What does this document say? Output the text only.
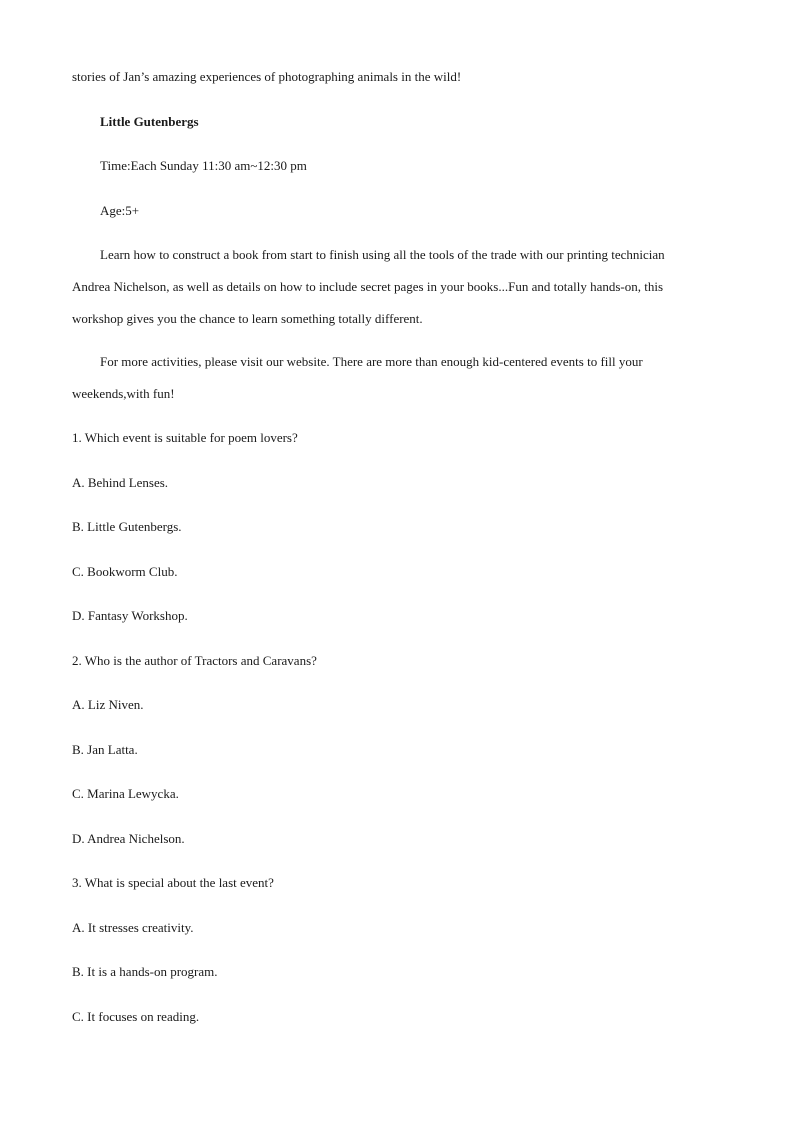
stories of Jan’s amazing experiences of photographing animals in the wild!
Little Gutenbergs
Time:Each Sunday 11:30 am~12:30 pm
Age:5+
Learn how to construct a book from start to finish using all the tools of the trade with our printing technician
Andrea Nichelson, as well as details on how to include secret pages in your books...Fun and totally hands-on, this
workshop gives you the chance to learn something totally different.
For more activities, please visit our website. There are more than enough kid-centered events to fill your
weekends,with fun!
1. Which event is suitable for poem lovers?
A. Behind Lenses.
B. Little Gutenbergs.
C. Bookworm Club.
D. Fantasy Workshop.
2. Who is the author of Tractors and Caravans?
A. Liz Niven.
B. Jan Latta.
C. Marina Lewycka.
D. Andrea Nichelson.
3. What is special about the last event?
A. It stresses creativity.
B. It is a hands-on program.
C. It focuses on reading.
